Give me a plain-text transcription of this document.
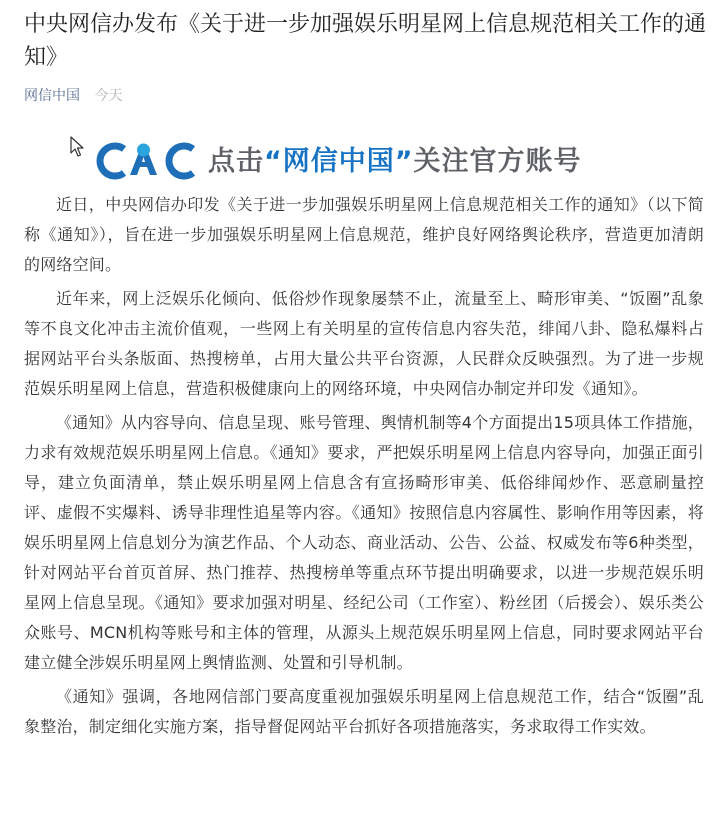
中央网信办发布《关于进一步加强娱乐明星网上信息规范相关工作的通知》
网信中国 今天
点击“网信中国”关注官方账号

近日，中央网信办印发《关于进一步加强娱乐明星网上信息规范相关工作的通知》（以下简称《通知》），旨在进一步加强娱乐明星网上信息规范，维护良好网络舆论秩序，营造更加清朗的网络空间。

近年来，网上泛娱乐化倾向、低俗炒作现象屡禁不止，流量至上、畸形审美、“饭圈”乱象等不良文化冲击主流价值观，一些网上有关明星的宣传信息内容失范，绯闻八卦、隐私爆料占据网站平台头条版面、热搜榜单，占用大量公共平台资源，人民群众反映强烈。为了进一步规范娱乐明星网上信息，营造积极健康向上的网络环境，中央网信办制定并印发《通知》。

《通知》从内容导向、信息呈现、账号管理、舆情机制等4个方面提出15项具体工作措施，力求有效规范娱乐明星网上信息。《通知》要求，严把娱乐明星网上信息内容导向，加强正面引导，建立负面清单，禁止娱乐明星网上信息含有宣扬畸形审美、低俗绯闻炒作、恶意刷量控评、虚假不实爆料、诱导非理性追星等内容。《通知》按照信息内容属性、影响作用等因素，将娱乐明星网上信息划分为演艺作品、个人动态、商业活动、公告、公益、权威发布等6种类型，针对网站平台首页首屏、热门推荐、热搜榜单等重点环节提出明确要求，以进一步规范娱乐明星网上信息呈现。《通知》要求加强对明星、经纪公司（工作室）、粉丝团（后援会）、娱乐类公众账号、MCN机构等账号和主体的管理，从源头上规范娱乐明星网上信息，同时要求网站平台建立健全涉娱乐明星网上舆情监测、处置和引导机制。

《通知》强调，各地网信部门要高度重视加强娱乐明星网上信息规范工作，结合“饭圈”乱象整治，制定细化实施方案，指导督促网站平台抓好各项措施落实，务求取得工作实效。
